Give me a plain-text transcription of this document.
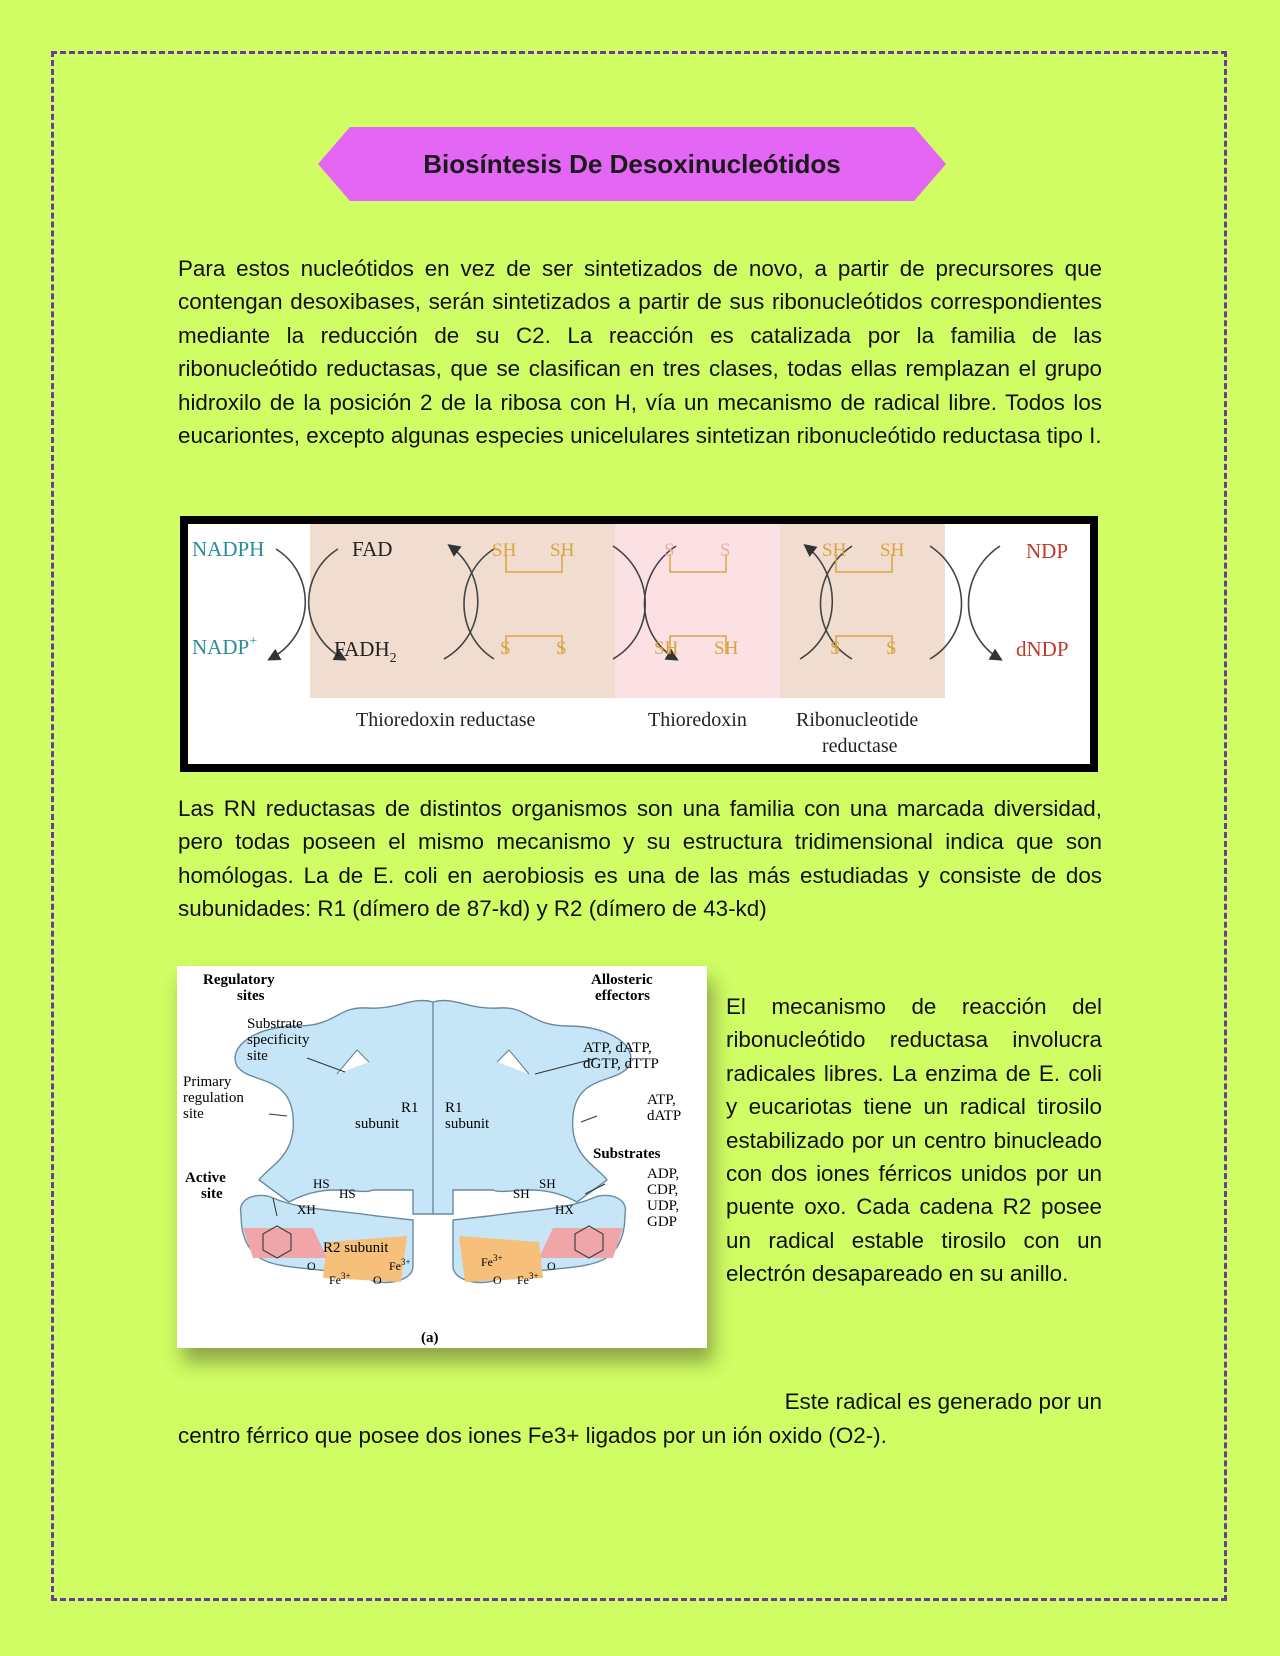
Biosíntesis De Desoxinucleótidos
Para estos nucleótidos en vez de ser sintetizados de novo, a partir de precursores que contengan desoxibases, serán sintetizados a partir de sus ribonucleótidos correspondientes mediante la reducción de su C2. La reacción es catalizada por la familia de las ribonucleótido reductasas, que se clasifican en tres clases, todas ellas remplazan el grupo hidroxilo de la posición 2 de la ribosa con H, vía un mecanismo de radical libre. Todos los eucariontes, excepto algunas especies unicelulares sintetizan ribonucleótido reductasa tipo I.
NADPH
NADP+
FAD
$FADH_2$
SH SH
S S
S S
SH SH
SH SH
S S
NDP
dNDP
Thioredoxin reductase	Thioredoxin Ribonucleotide
reductase
Las RN reductasas de distintos organismos son una familia con una marcada diversidad, pero todas poseen el mismo mecanismo y su estructura tridimensional indica que son homólogas. La de E. coli en aerobiosis es una de las más estudiadas y consiste de dos subunidades: R1 (dímero de 87-kd) y R2 (dímero de 43-kd)
Regulatory
sites
Allosteric
effectors
Substrate
specificity
site
Primary
regulation
site
ATP, dATP,
dGTP, dTTP
ATP,
dATP
R1
subunit
R1
subunit
Substrates
ADP,
CDP,
UDP,
GDP
Active
site
HS
HS
XH
SH
SH
HX
R2 subunit
O
$Fe^{3+}$ O
$Fe^{3+}$	$Fe^{3+}$
O
O $Fe^{3+}$
(a)
El mecanismo de reacción del ribonucleótido reductasa involucra radicales libres. La enzima de E. coli y eucariotas tiene un radical tirosilo estabilizado por un centro binucleado con dos iones férricos unidos por un puente oxo. Cada cadena R2 posee un radical estable tirosilo con un electrón desapareado en su anillo.
Este radical es generado por un
centro férrico que posee dos iones Fe3+ ligados por un ión oxido (O2-).
